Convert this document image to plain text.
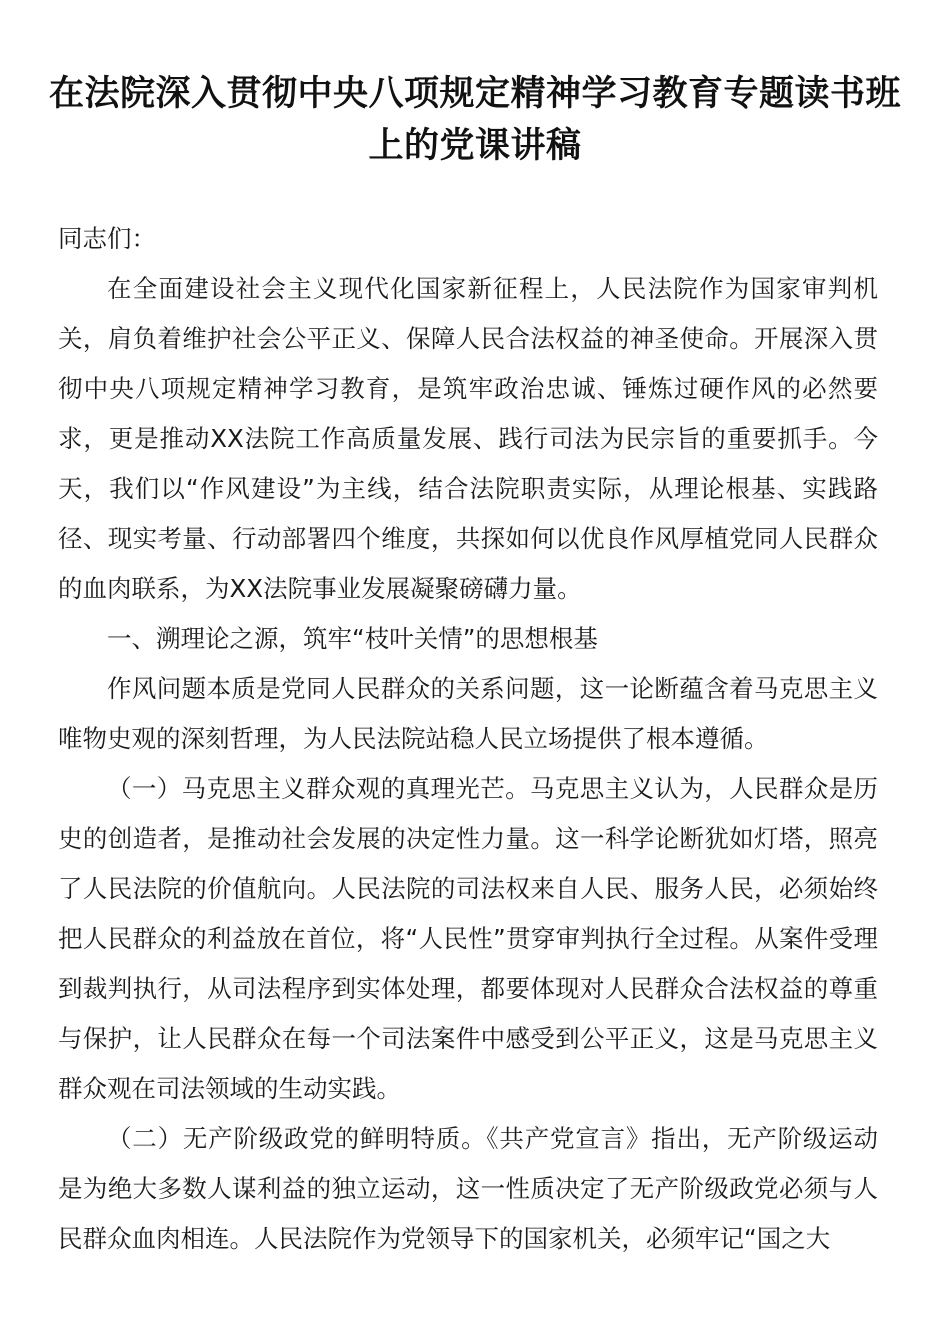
在法院深入贯彻中央八项规定精神学习教育专题读书班上的党课讲稿

同志们：

在全面建设社会主义现代化国家新征程上，人民法院作为国家审判机关，肩负着维护社会公平正义、保障人民合法权益的神圣使命。开展深入贯彻中央八项规定精神学习教育，是筑牢政治忠诚、锤炼过硬作风的必然要求，更是推动XX法院工作高质量发展、践行司法为民宗旨的重要抓手。今天，我们以“作风建设”为主线，结合法院职责实际，从理论根基、实践路径、现实考量、行动部署四个维度，共探如何以优良作风厚植党同人民群众的血肉联系，为XX法院事业发展凝聚磅礴力量。

一、溯理论之源，筑牢“枝叶关情”的思想根基

作风问题本质是党同人民群众的关系问题，这一论断蕴含着马克思主义唯物史观的深刻哲理，为人民法院站稳人民立场提供了根本遵循。

（一）马克思主义群众观的真理光芒。马克思主义认为，人民群众是历史的创造者，是推动社会发展的决定性力量。这一科学论断犹如灯塔，照亮了人民法院的价值航向。人民法院的司法权来自人民、服务人民，必须始终把人民群众的利益放在首位，将“人民性”贯穿审判执行全过程。从案件受理到裁判执行，从司法程序到实体处理，都要体现对人民群众合法权益的尊重与保护，让人民群众在每一个司法案件中感受到公平正义，这是马克思主义群众观在司法领域的生动实践。

（二）无产阶级政党的鲜明特质。《共产党宣言》指出，无产阶级运动是为绝大多数人谋利益的独立运动，这一性质决定了无产阶级政党必须与人民群众血肉相连。人民法院作为党领导下的国家机关，必须牢记“国之大
